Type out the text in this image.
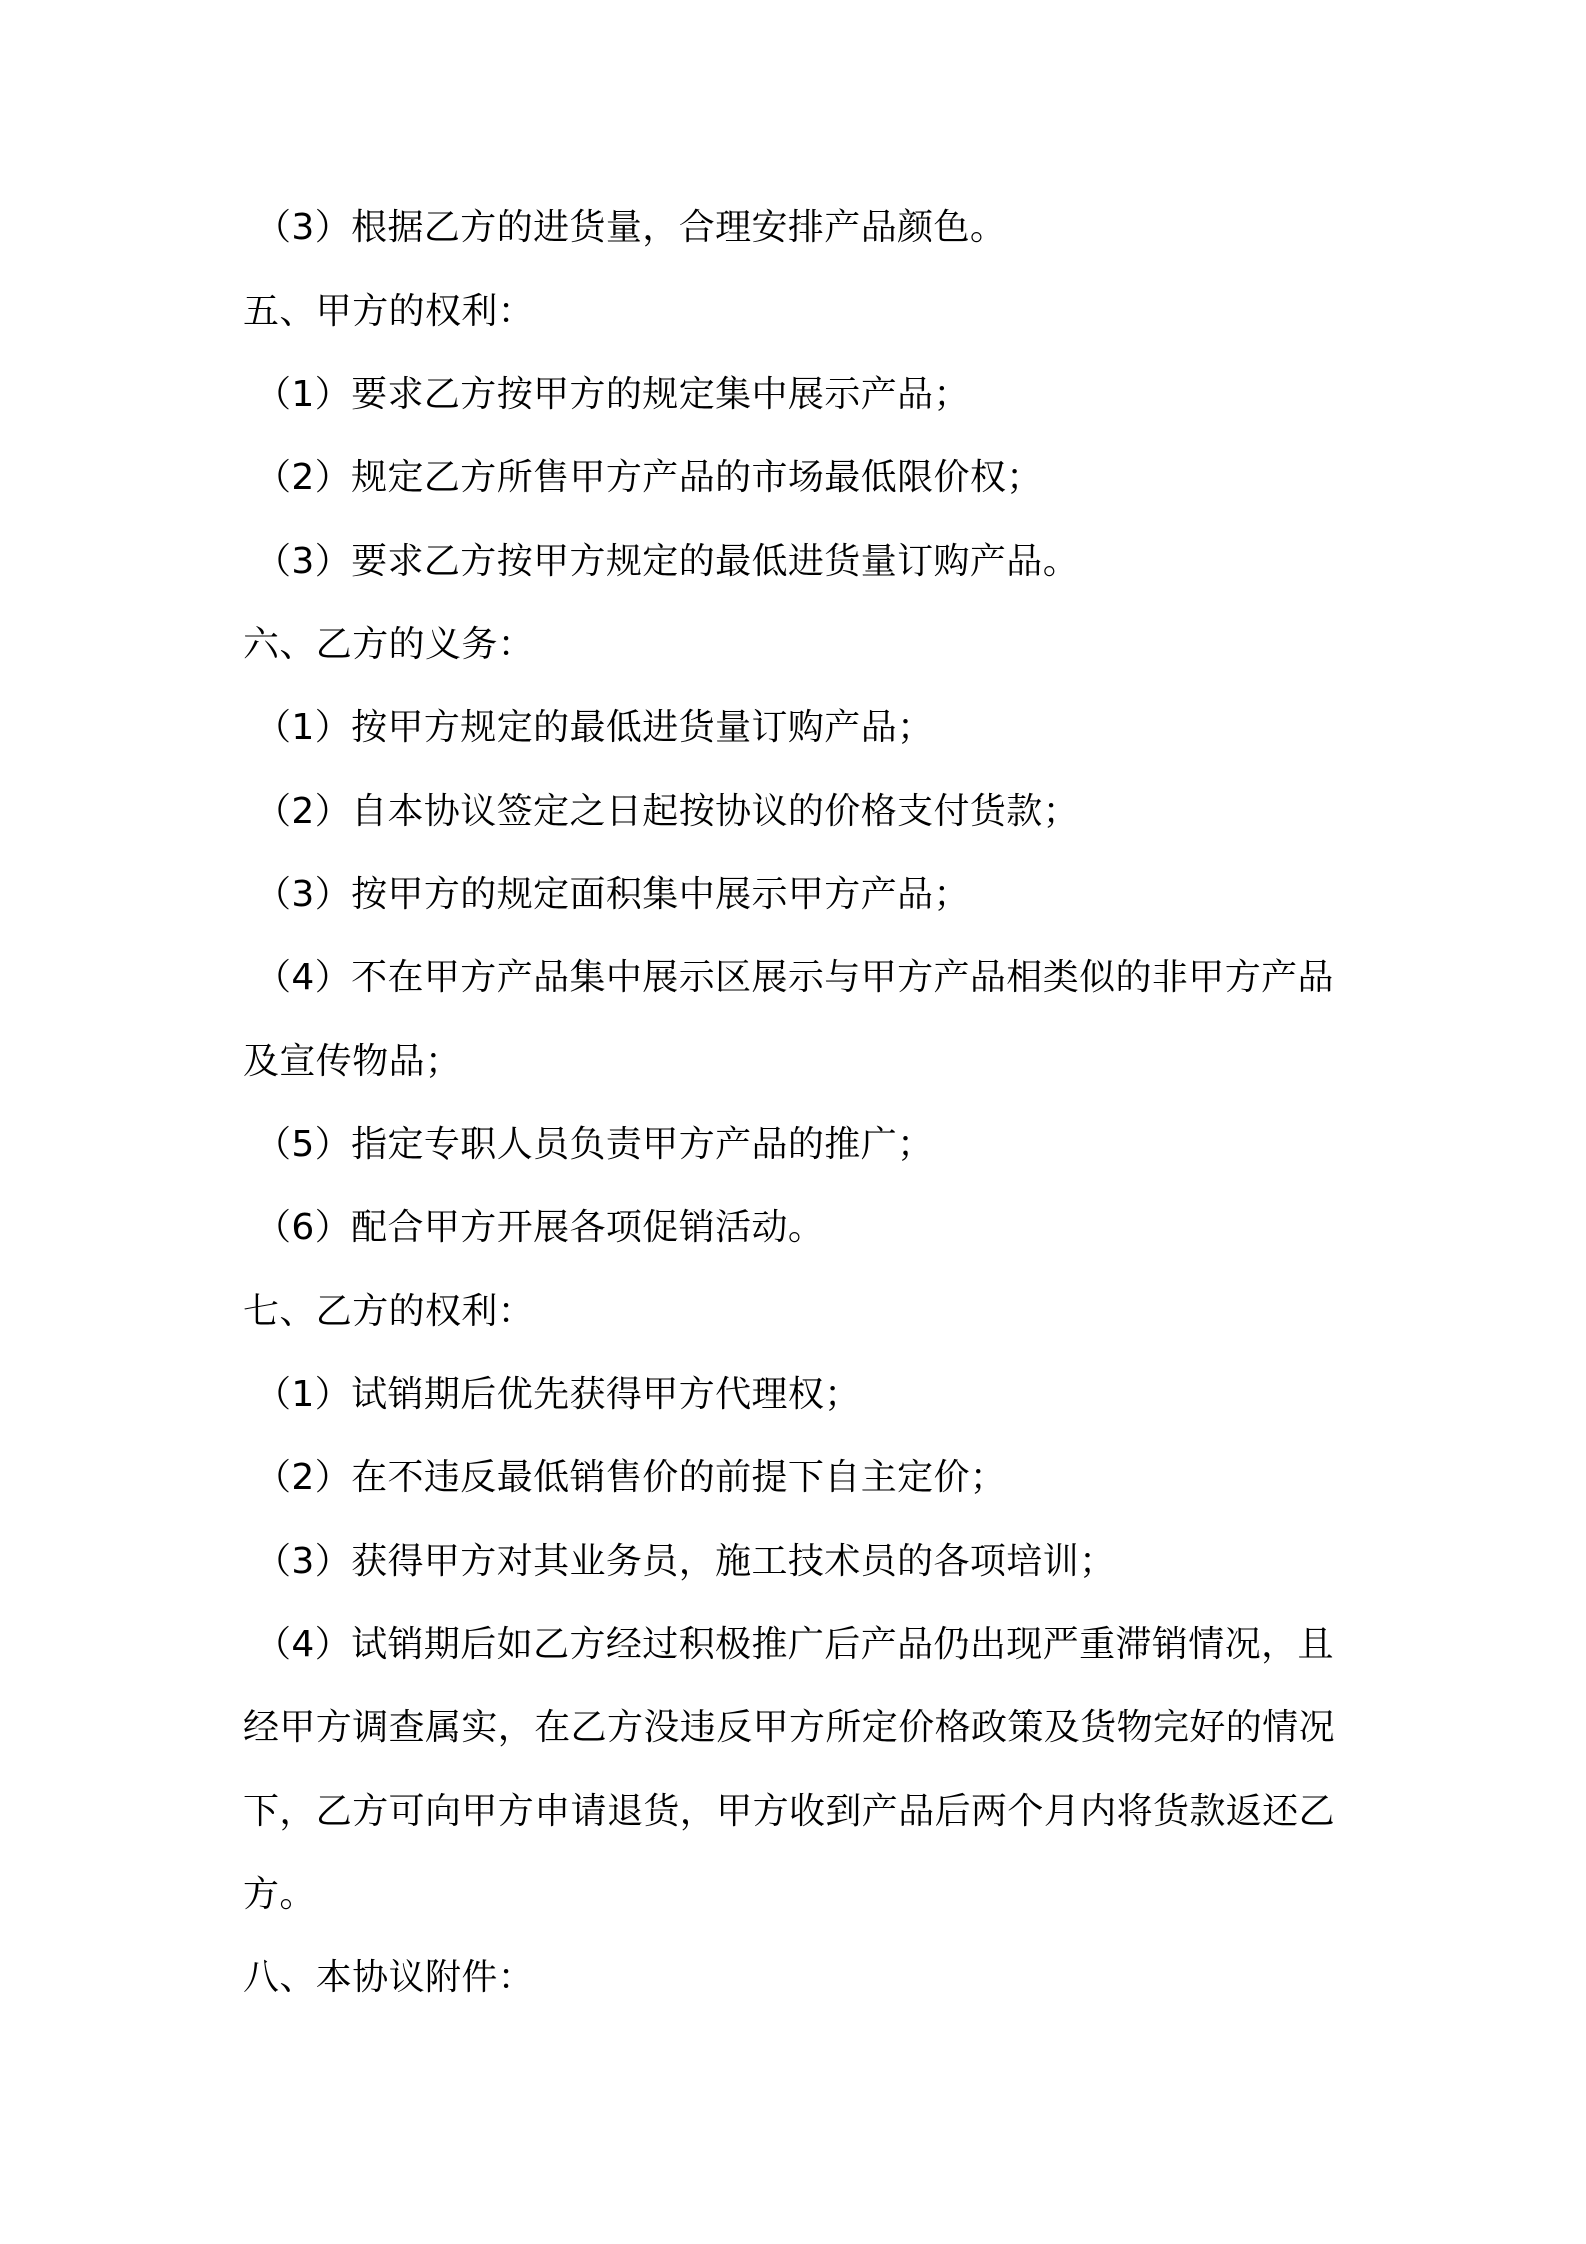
（3）根据乙方的进货量，合理安排产品颜色。
五、甲方的权利：
（1）要求乙方按甲方的规定集中展示产品；
（2）规定乙方所售甲方产品的市场最低限价权；
（3）要求乙方按甲方规定的最低进货量订购产品。
六、乙方的义务：
（1）按甲方规定的最低进货量订购产品；
（2）自本协议签定之日起按协议的价格支付货款；
（3）按甲方的规定面积集中展示甲方产品；
（4）不在甲方产品集中展示区展示与甲方产品相类似的非甲方产品
及宣传物品；
（5）指定专职人员负责甲方产品的推广；
（6）配合甲方开展各项促销活动。
七、乙方的权利：
（1）试销期后优先获得甲方代理权；
（2）在不违反最低销售价的前提下自主定价；
（3）获得甲方对其业务员，施工技术员的各项培训；
（4）试销期后如乙方经过积极推广后产品仍出现严重滞销情况，且
经甲方调查属实，在乙方没违反甲方所定价格政策及货物完好的情况
下，乙方可向甲方申请退货，甲方收到产品后两个月内将货款返还乙
方。
八、本协议附件：
